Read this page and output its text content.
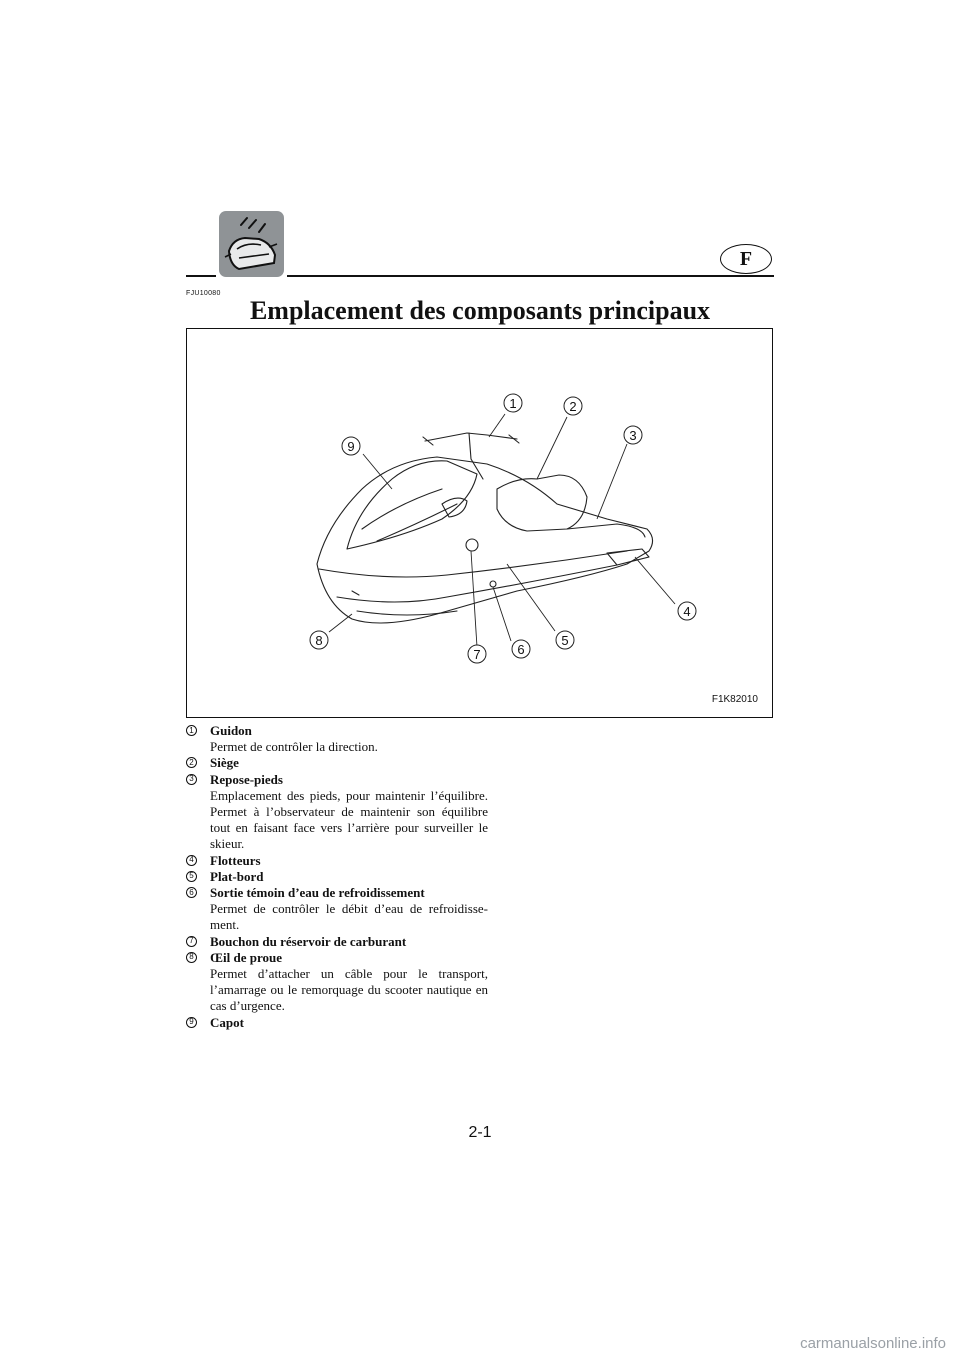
F
FJU10080
Emplacement des composants principaux
1	2
3
4
5
6
7
8
9
F1K82010
1 Guidon
Permet de contrôler la direction.
2 Siège
3 Repose-pieds
Emplacement des pieds, pour maintenir l’équilibre. Permet à l’observateur de maintenir son équilibre tout en faisant face vers l’arrière pour surveiller le skieur.
4 Flotteurs
5 Plat-bord
6 Sortie témoin d’eau de refroidissement
Permet de contrôler le débit d’eau de refroidisse-ment.
7 Bouchon du réservoir de carburant
8 Œil de proue
Permet d’attacher un câble pour le transport, l’amarrage ou le remorquage du scooter nautique en cas d’urgence.
9 Capot
2-1
carmanualsonline.info
